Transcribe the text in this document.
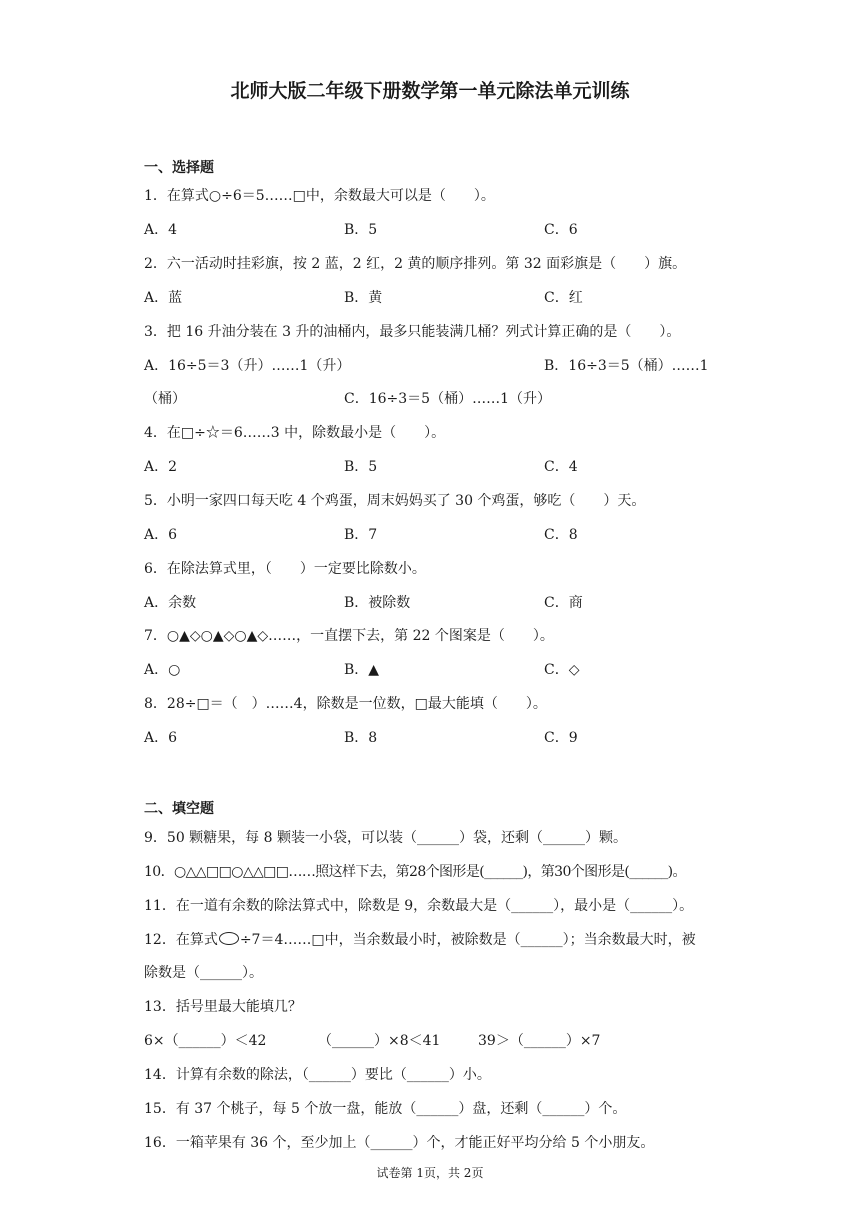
北师大版二年级下册数学第一单元除法单元训练
一、选择题
1．在算式○÷6＝5……□中，余数最大可以是（　　）。
A．4	B．5	C．6
2．六一活动时挂彩旗，按 2 蓝，2 红，2 黄的顺序排列。第 32 面彩旗是（　　）旗。
A．蓝	B．黄	C．红
3．把 16 升油分装在 3 升的油桶内，最多只能装满几桶？列式计算正确的是（　　）。
A．16÷5＝3（升）……1（升）	B．16÷3＝5（桶）……1
（桶）	C．16÷3＝5（桶）……1（升）
4．在□÷☆＝6……3 中，除数最小是（　　）。
A．2	B．5	C．4
5．小明一家四口每天吃 4 个鸡蛋，周末妈妈买了 30 个鸡蛋，够吃（　　）天。
A．6	B．7	C．8
6．在除法算式里，（　　）一定要比除数小。
A．余数	B．被除数	C．商
7．○▲◇○▲◇○▲◇……，一直摆下去，第 22 个图案是（　　）。
A．○	B．▲	C．◇
8．28÷□＝（　）……4，除数是一位数，□最大能填（　　）。
A．6	B．8	C．9
二、填空题
9．50 颗糖果，每 8 颗装一小袋，可以装（______）袋，还剩（______）颗。
10．○△△□□○△△□□……照这样下去，第28个图形是(______)，第30个图形是(______)。
11．在一道有余数的除法算式中，除数是 9，余数最大是（______），最小是（______）。
12．在算式 ÷7＝4……□中，当余数最小时，被除数是（______）；当余数最大时，被
除数是（______）。
13．括号里最大能填几？
6×（______）＜42	（______）×8＜41	39＞（______）×7
14．计算有余数的除法，（______）要比（______）小。
15．有 37 个桃子，每 5 个放一盘，能放（______）盘，还剩（______）个。
16．一箱苹果有 36 个，至少加上（______）个，才能正好平均分给 5 个小朋友。
试卷第 1页，共 2页
